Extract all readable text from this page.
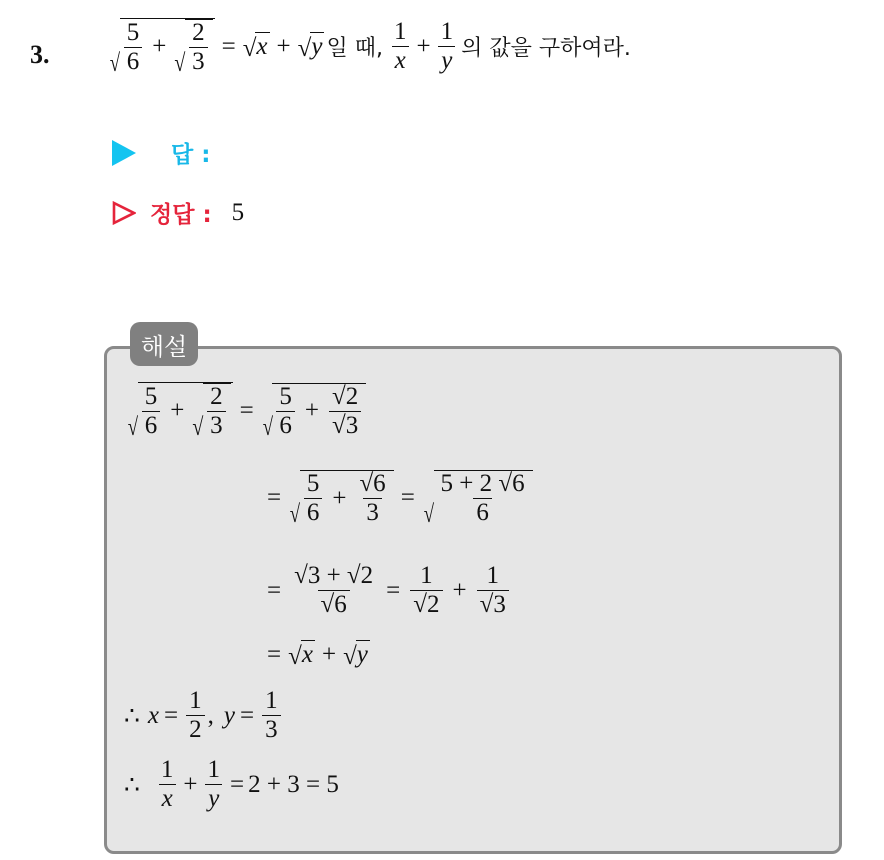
3. √ $\frac{5}{6}$ +
√ $\frac{2}{3}$ = √ x + √ y 일 때, $\frac{1}{x} + \frac{1}{y}$ 의 값을 구하여라.
답 :
정답 : 5
해설
√ $\frac{5}{6}$ +
√ $\frac{2}{3}$ =
√ $\frac{5}{6} + \frac{√2}{√3}$
=
√ $\frac{5}{6} + \frac{√6}{3}$ =
√ $\frac{5 + 2 √6}{6}$
= $\frac{√3 + √2}{√6} = \frac{1}{√2} + \frac{1}{√3}$
= √ x + √ y
∴ $x = \frac{1}{2}$ , $y = \frac{1}{3}$
∴ $\frac{1}{x} + \frac{1}{y} = 2 + 3 = 5$
